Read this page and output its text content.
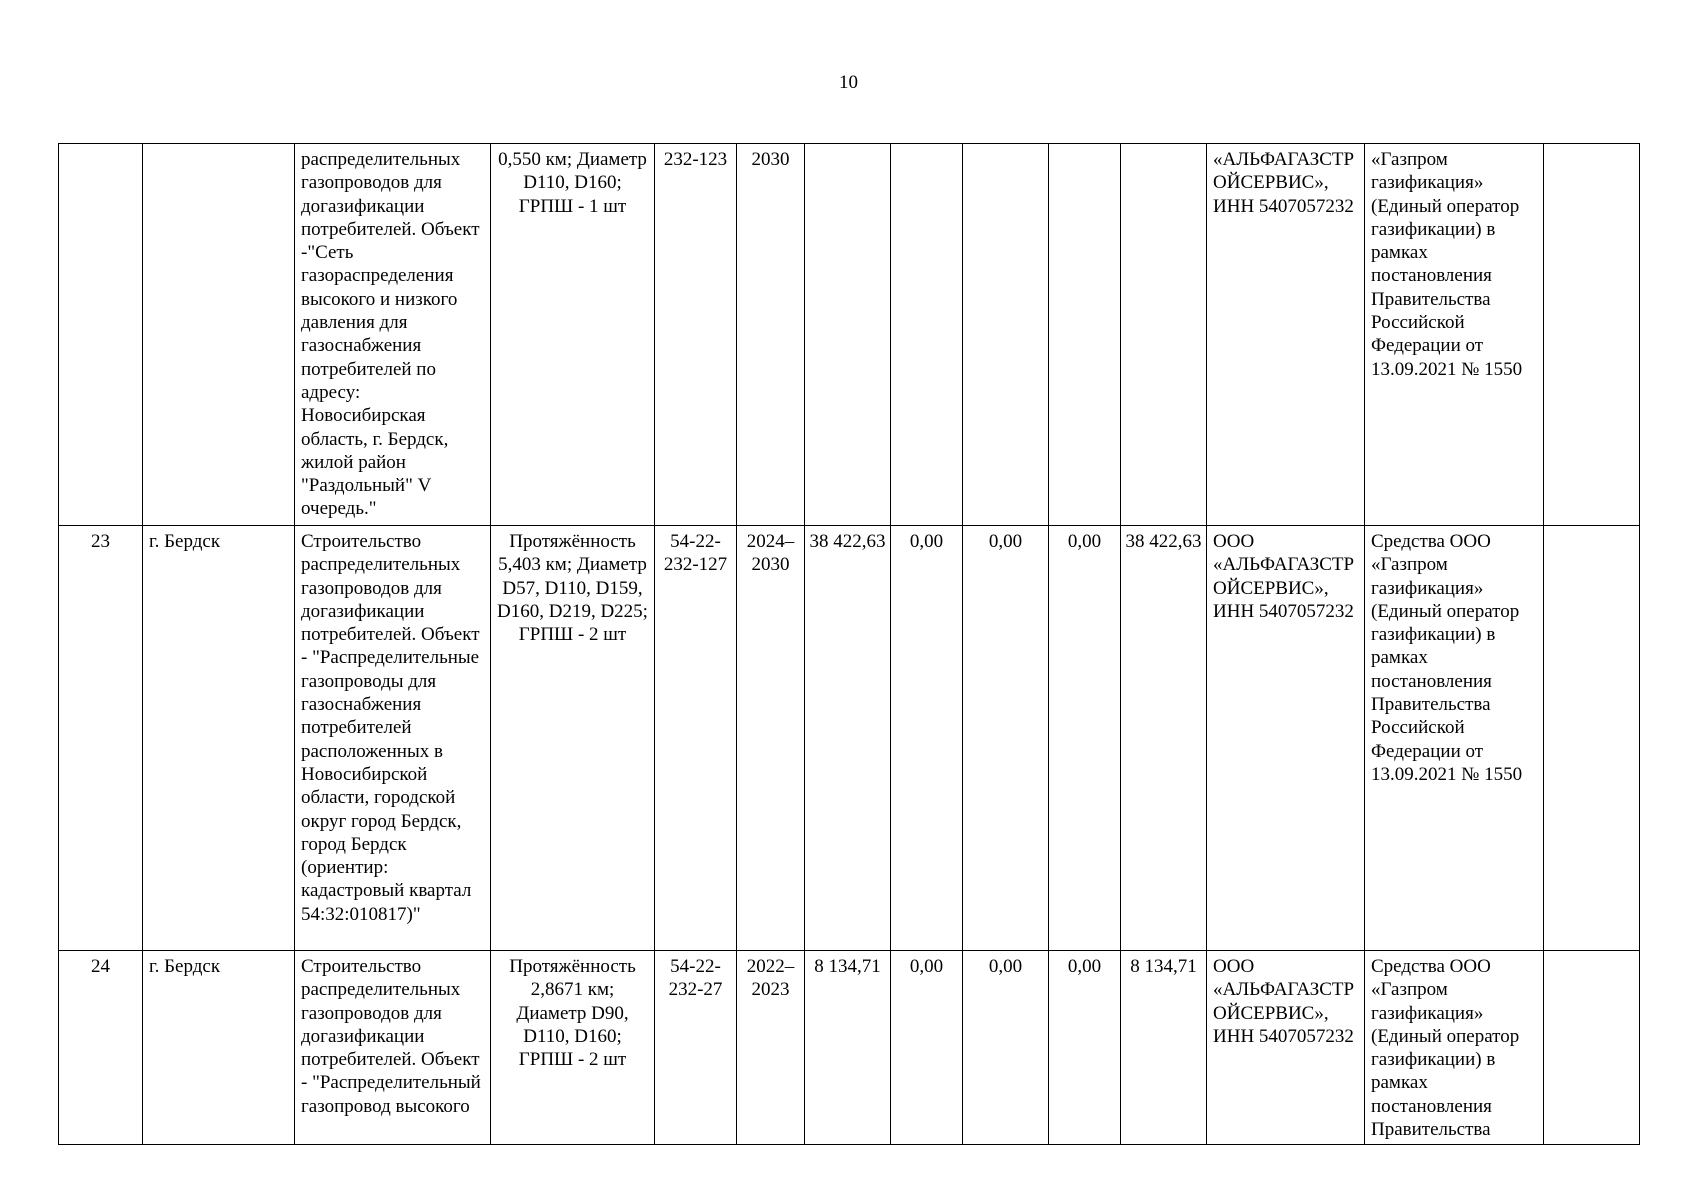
10
		распределительных газопроводов для догазификации потребителей. Объект -"Сеть газораспределения высокого и низкого давления для газоснабжения потребителей по адресу: Новосибирская область, г. Бердск, жилой район "Раздольный" V очередь."	0,550 км; Диаметр D110, D160; ГРПШ - 1 шт	232-123	2030						«АЛЬФАГАЗСТРОЙСЕРВИС», ИНН 5407057232	«Газпром газификация» (Единый оператор газификации) в рамках постановления Правительства Российской Федерации от 13.09.2021 № 1550	
23	г. Бердск	Строительство распределительных газопроводов для догазификации потребителей. Объект - "Распределительные газопроводы для газоснабжения потребителей расположенных в Новосибирской области, городской округ город Бердск, город Бердск (ориентир: кадастровый квартал 54:32:010817)"	Протяжённость 5,403 км; Диаметр D57, D110, D159, D160, D219, D225; ГРПШ - 2 шт	54-22-232-127	2024–2030	38 422,63	0,00	0,00	0,00	38 422,63	ООО «АЛЬФАГАЗСТРОЙСЕРВИС», ИНН 5407057232	Средства ООО «Газпром газификация» (Единый оператор газификации) в рамках постановления Правительства Российской Федерации от 13.09.2021 № 1550	
24	г. Бердск	Строительство распределительных газопроводов для догазификации потребителей. Объект - "Распределительный газопровод высокого	Протяжённость 2,8671 км; Диаметр D90, D110, D160; ГРПШ - 2 шт	54-22-232-27	2022–2023	8 134,71	0,00	0,00	0,00	8 134,71	ООО «АЛЬФАГАЗСТРОЙСЕРВИС», ИНН 5407057232	Средства ООО «Газпром газификация» (Единый оператор газификации) в рамках постановления Правительства	
